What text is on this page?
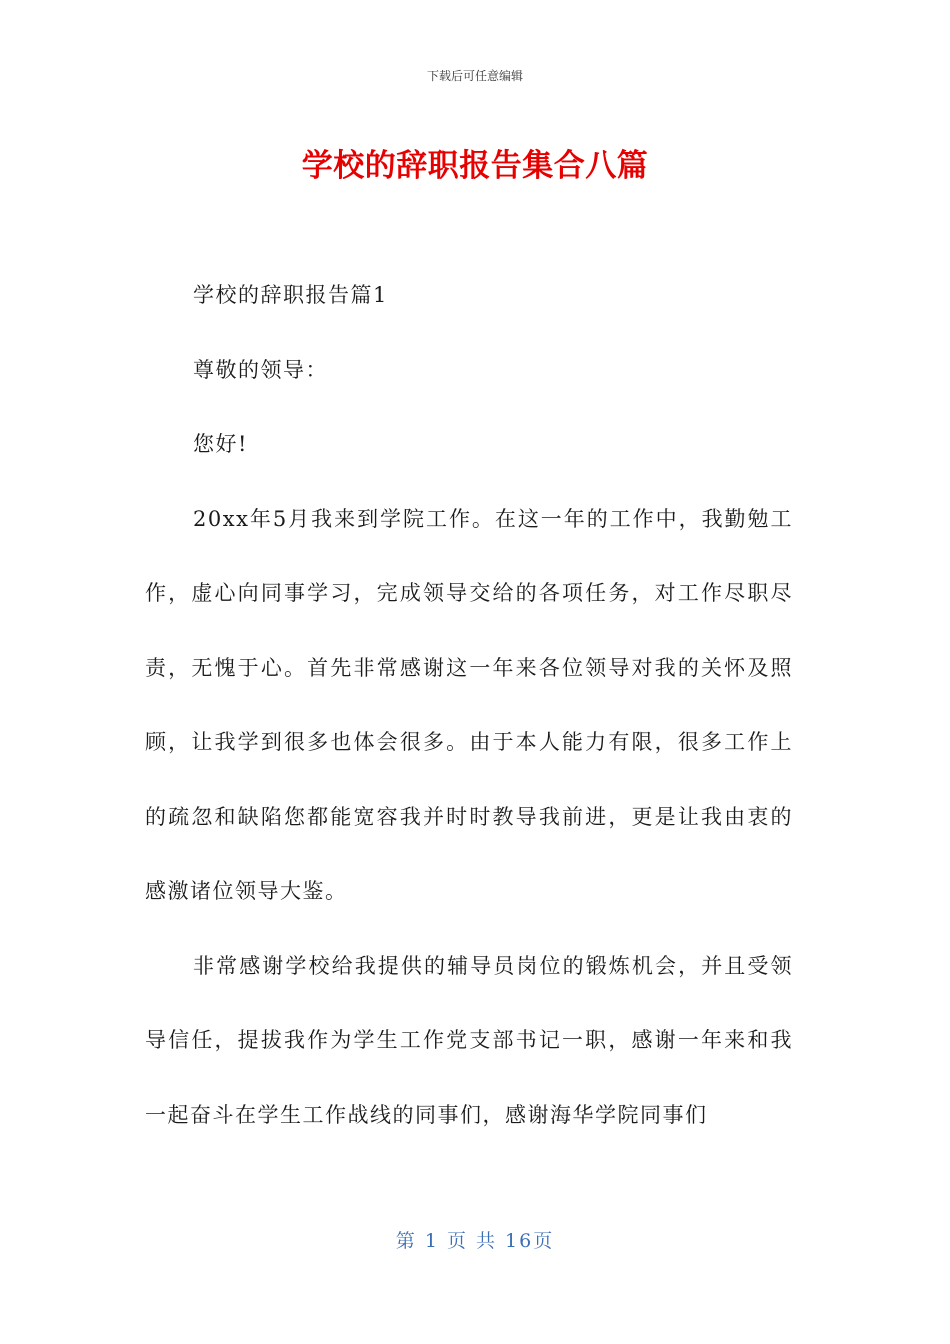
下载后可任意编辑
学校的辞职报告集合八篇

学校的辞职报告篇1

尊敬的领导：

您好!

20xx年5月我来到学院工作。在这一年的工作中，我勤勉工作，虚心向同事学习，完成领导交给的各项任务，对工作尽职尽责，无愧于心。首先非常感谢这一年来各位领导对我的关怀及照顾，让我学到很多也体会很多。由于本人能力有限，很多工作上的疏忽和缺陷您都能宽容我并时时教导我前进，更是让我由衷的感激诸位领导大鉴。

非常感谢学校给我提供的辅导员岗位的锻炼机会，并且受领导信任，提拔我作为学生工作党支部书记一职，感谢一年来和我一起奋斗在学生工作战线的同事们，感谢海华学院同事们

第 1 页 共 16页
